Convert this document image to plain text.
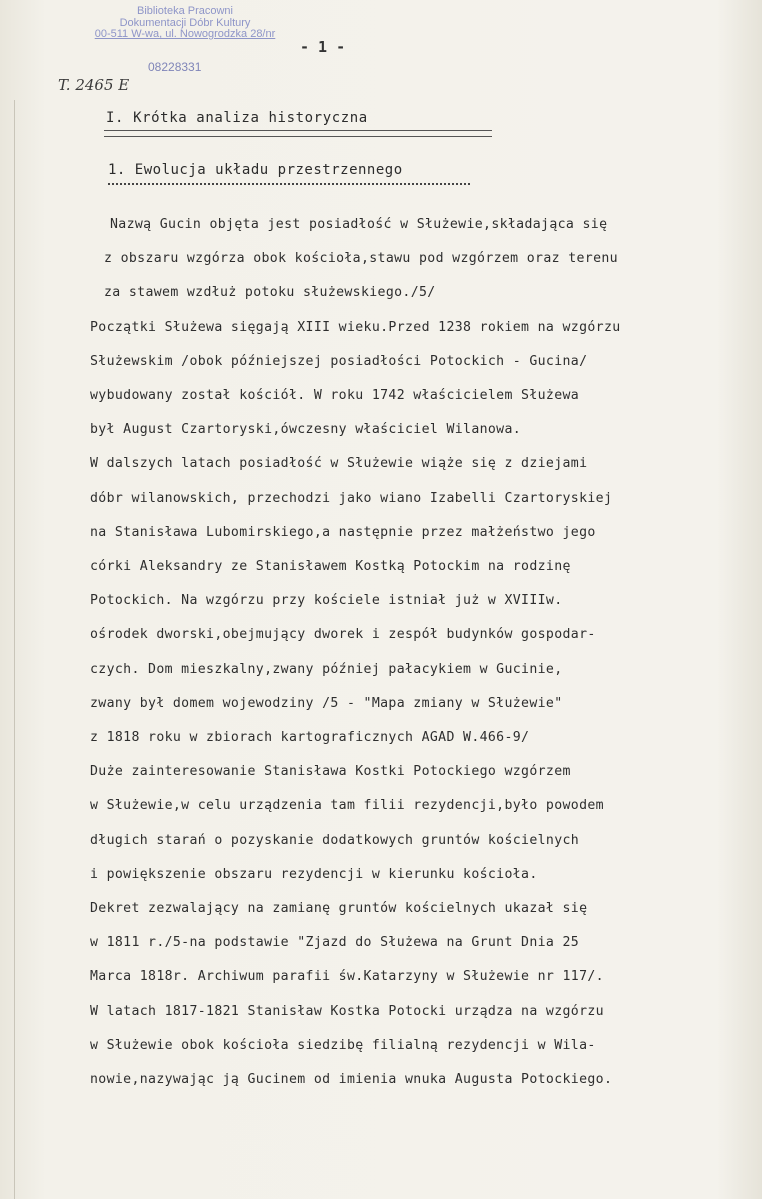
Biblioteka Pracowni
Dokumentacji Dóbr Kultury
00-511 W-wa, ul. Nowogrodzka 28/nr
08228331
- 1 -
T. 2465 E
I. Krótka analiza historyczna
1. Ewolucja układu przestrzennego
Nazwą Gucin objęta jest posiadłość w Służewie,składająca się
z obszaru wzgórza obok kościoła,stawu pod wzgórzem oraz terenu
za stawem wzdłuż potoku służewskiego./5/
Początki Służewa sięgają XIII wieku.Przed 1238 rokiem na wzgórzu
Służewskim /obok późniejszej posiadłości Potockich - Gucina/
wybudowany został kościół. W roku 1742 właścicielem Służewa
był August Czartoryski,ówczesny właściciel Wilanowa.
W dalszych latach posiadłość w Służewie wiąże się z dziejami
dóbr wilanowskich, przechodzi jako wiano Izabelli Czartoryskiej
na Stanisława Lubomirskiego,a następnie przez małżeństwo jego
córki Aleksandry ze Stanisławem Kostką Potockim na rodzinę
Potockich. Na wzgórzu przy kościele istniał już w XVIIIw.
ośrodek dworski,obejmujący dworek i zespół budynków gospodar-
czych. Dom mieszkalny,zwany później pałacykiem w Gucinie,
zwany był domem wojewodziny /5 - "Mapa zmiany w Służewie"
z 1818 roku w zbiorach kartograficznych AGAD W.466-9/
Duże zainteresowanie Stanisława Kostki Potockiego wzgórzem
w Służewie,w celu urządzenia tam filii rezydencji,było powodem
długich starań o pozyskanie dodatkowych gruntów kościelnych
i powiększenie obszaru rezydencji w kierunku kościoła.
Dekret zezwalający na zamianę gruntów kościelnych ukazał się
w 1811 r./5-na podstawie "Zjazd do Służewa na Grunt Dnia 25
Marca 1818r. Archiwum parafii św.Katarzyny w Służewie nr 117/.
W latach 1817-1821 Stanisław Kostka Potocki urządza na wzgórzu
w Służewie obok kościoła siedzibę filialną rezydencji w Wila-
nowie,nazywając ją Gucinem od imienia wnuka Augusta Potockiego.
